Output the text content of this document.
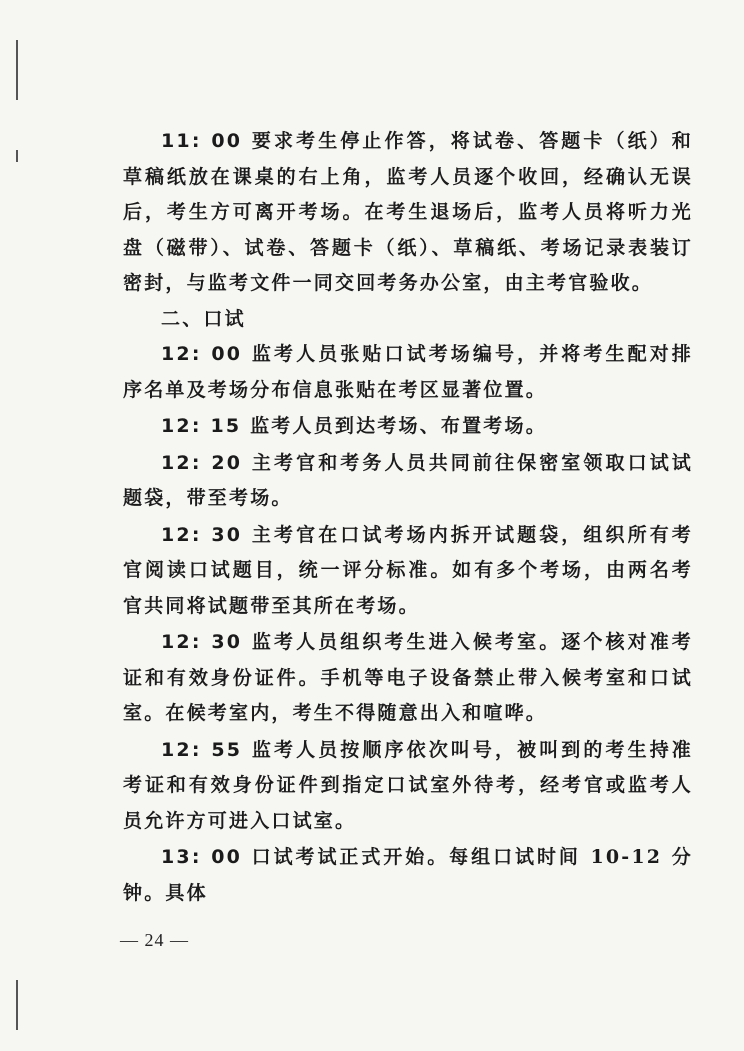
11: 00 要求考生停止作答，将试卷、答题卡（纸）和草稿纸放在课桌的右上角，监考人员逐个收回，经确认无误后，考生方可离开考场。在考生退场后，监考人员将听力光盘（磁带）、试卷、答题卡（纸）、草稿纸、考场记录表装订密封，与监考文件一同交回考务办公室，由主考官验收。

二、口试

12: 00 监考人员张贴口试考场编号，并将考生配对排序名单及考场分布信息张贴在考区显著位置。

12: 15 监考人员到达考场、布置考场。

12: 20 主考官和考务人员共同前往保密室领取口试试题袋，带至考场。

12: 30 主考官在口试考场内拆开试题袋，组织所有考官阅读口试题目，统一评分标准。如有多个考场，由两名考官共同将试题带至其所在考场。

12: 30 监考人员组织考生进入候考室。逐个核对准考证和有效身份证件。手机等电子设备禁止带入候考室和口试室。在候考室内，考生不得随意出入和喧哗。

12: 55 监考人员按顺序依次叫号，被叫到的考生持准考证和有效身份证件到指定口试室外待考，经考官或监考人员允许方可进入口试室。

13: 00 口试考试正式开始。每组口试时间 10-12 分钟。具体

— 24 —
